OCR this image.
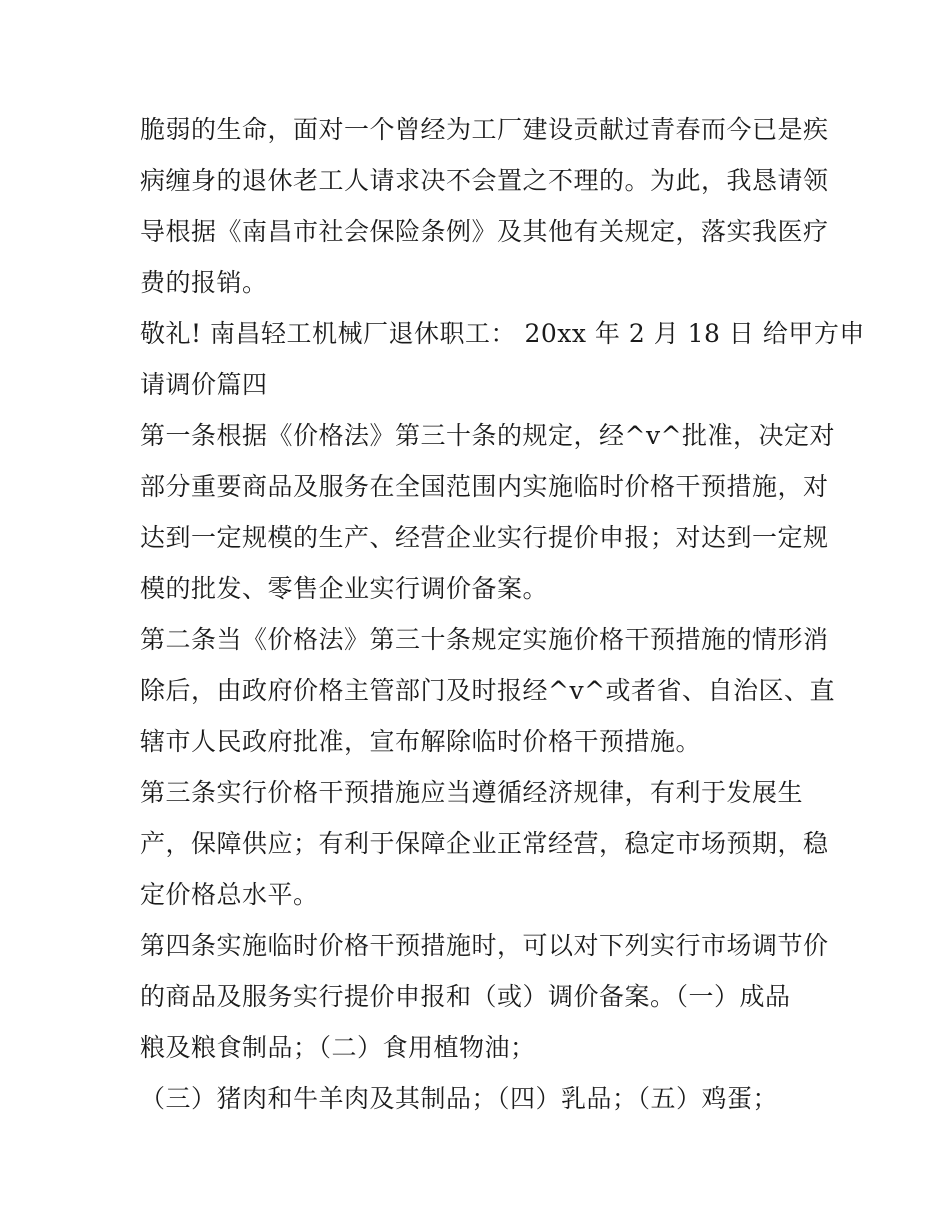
脆弱的生命，面对一个曾经为工厂建设贡献过青春而今已是疾
病缠身的退休老工人请求决不会置之不理的。为此，我恳请领
导根据《南昌市社会保险条例》及其他有关规定，落实我医疗
费的报销。
敬礼! 南昌轻工机械厂退休职工： 20xx 年 2 月 18 日 给甲方申
请调价篇四
第一条根据《价格法》第三十条的规定，经^v^批准，决定对
部分重要商品及服务在全国范围内实施临时价格干预措施，对
达到一定规模的生产、经营企业实行提价申报；对达到一定规
模的批发、零售企业实行调价备案。
第二条当《价格法》第三十条规定实施价格干预措施的情形消
除后，由政府价格主管部门及时报经^v^或者省、自治区、直
辖市人民政府批准，宣布解除临时价格干预措施。
第三条实行价格干预措施应当遵循经济规律，有利于发展生
产，保障供应；有利于保障企业正常经营，稳定市场预期，稳
定价格总水平。
第四条实施临时价格干预措施时，可以对下列实行市场调节价
的商品及服务实行提价申报和（或）调价备案。（一）成品
粮及粮食制品；（二）食用植物油；
（三）猪肉和牛羊肉及其制品；（四）乳品；（五）鸡蛋；
